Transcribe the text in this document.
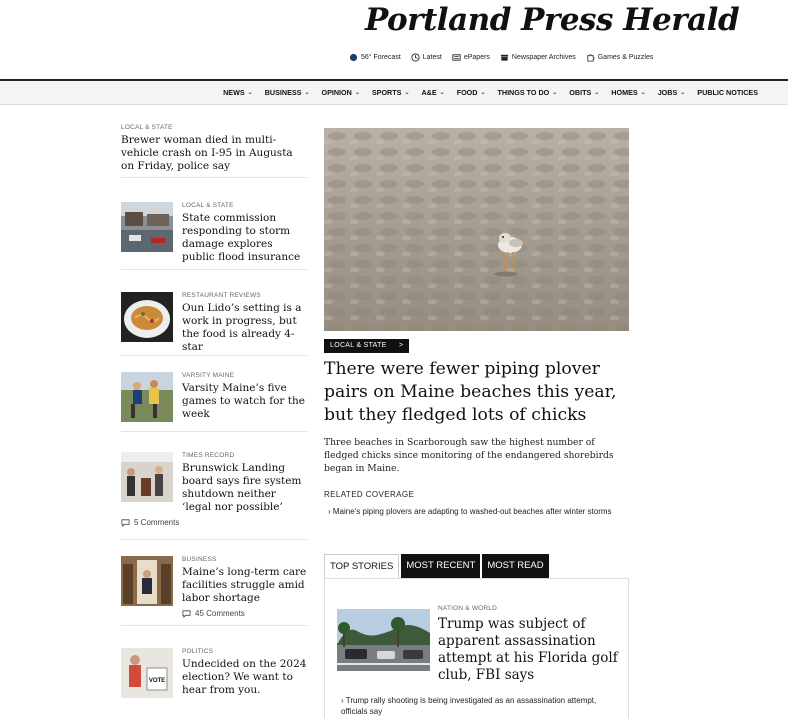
Portland Press Herald
56° Forecast	Latest	ePapers	Newspaper Archives	Games & Puzzles
NEWS ⌄ BUSINESS ⌄ OPINION ⌄ SPORTS ⌄ A&E ⌄ FOOD ⌄ THINGS TO DO ⌄ OBITS ⌄ HOMES ⌄ JOBS ⌄ PUBLIC NOTICES
LOCAL & STATE
Brewer woman died in multi-vehicle crash on I-95 in Augusta on Friday, police say
LOCAL & STATE
State commission responding to storm damage explores public flood insurance
RESTAURANT REVIEWS
Oun Lido’s setting is a work in progress, but the food is already 4-star
VARSITY MAINE
Varsity Maine’s five games to watch for the week
TIMES RECORD
Brunswick Landing board says fire system shutdown neither ‘legal nor possible’
5 Comments
BUSINESS
Maine’s long-term care facilities struggle amid labor shortage
45 Comments
VOTE
POLITICS
Undecided on the 2024 election? We want to hear from you.
LOCAL & STATE >
There were fewer piping plover pairs on Maine beaches this year, but they fledged lots of chicks
Three beaches in Scarborough saw the highest number of fledged chicks since monitoring of the endangered shorebirds began in Maine.
RELATED COVERAGE
› Maine’s piping plovers are adapting to washed-out beaches after winter storms
TOP STORIES	MOST RECENT	MOST READ
NATION & WORLD
Trump was subject of apparent assassination attempt at his Florida golf club, FBI says
› Trump rally shooting is being investigated as an assassination attempt, officials say
